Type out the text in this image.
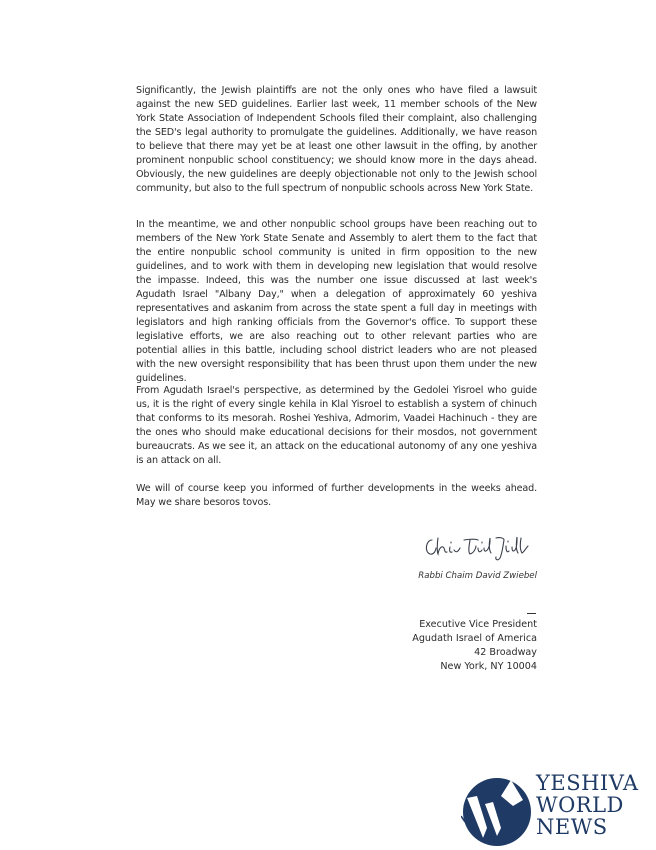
Significantly, the Jewish plaintiffs are not the only ones who have filed a lawsuit against the new SED guidelines. Earlier last week, 11 member schools of the New York State Association of Independent Schools filed their complaint, also challenging the SED's legal authority to promulgate the guidelines. Additionally, we have reason to believe that there may yet be at least one other lawsuit in the offing, by another prominent nonpublic school constituency; we should know more in the days ahead. Obviously, the new guidelines are deeply objectionable not only to the Jewish school community, but also to the full spectrum of nonpublic schools across New York State.

In the meantime, we and other nonpublic school groups have been reaching out to members of the New York State Senate and Assembly to alert them to the fact that the entire nonpublic school community is united in firm opposition to the new guidelines, and to work with them in developing new legislation that would resolve the impasse. Indeed, this was the number one issue discussed at last week's Agudath Israel "Albany Day," when a delegation of approximately 60 yeshiva representatives and askanim from across the state spent a full day in meetings with legislators and high ranking officials from the Governor's office. To support these legislative efforts, we are also reaching out to other relevant parties who are potential allies in this battle, including school district leaders who are not pleased with the new oversight responsibility that has been thrust upon them under the new guidelines.

From Agudath Israel's perspective, as determined by the Gedolei Yisroel who guide us, it is the right of every single kehila in Klal Yisroel to establish a system of chinuch that conforms to its mesorah. Roshei Yeshiva, Admorim, Vaadei Hachinuch - they are the ones who should make educational decisions for their mosdos, not government bureaucrats. As we see it, an attack on the educational autonomy of any one yeshiva is an attack on all.

We will of course keep you informed of further developments in the weeks ahead. May we share besoros tovos.

Rabbi Chaim David Zwiebel
Executive Vice President
Agudath Israel of America
42 Broadway
New York, NY 10004
YESHIVA
WORLD
NEWS
